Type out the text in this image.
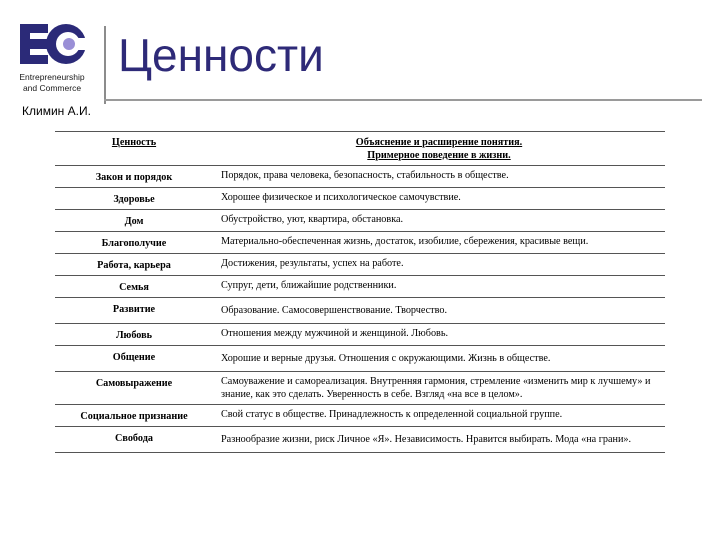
Entrepreneurship
and Commerce
Ценности
Климин А.И.
Ценность	Объяснение и расширение понятия.
Примерное поведение в жизни.

Закон и порядок	Порядок, права человека, безопасность, стабильность в обществе.
Здоровье	Хорошее физическое и психологическое самочувствие.
Дом	Обустройство, уют, квартира, обстановка.
Благополучие	Материально-обеспеченная жизнь, достаток, изобилие, сбережения, красивые вещи.
Работа, карьера	Достижения, результаты, успех на работе.
Семья	Супруг, дети, ближайшие родственники.
Развитие	Образование. Самосовершенствование. Творчество.
Любовь	Отношения между мужчиной и женщиной. Любовь.
Общение	Хорошие и верные друзья. Отношения с окружающими. Жизнь в обществе.
Самовыражение	Самоуважение и самореализация. Внутренняя гармония, стремление «изменить мир к лучшему» и знание, как это сделать. Уверенность в себе. Взгляд «на все в целом».
Социальное признание	Свой статус в обществе. Принадлежность к определенной социальной группе.
Свобода	Разнообразие жизни, риск Личное «Я». Независимость. Нравится выбирать. Мода «на грани».
